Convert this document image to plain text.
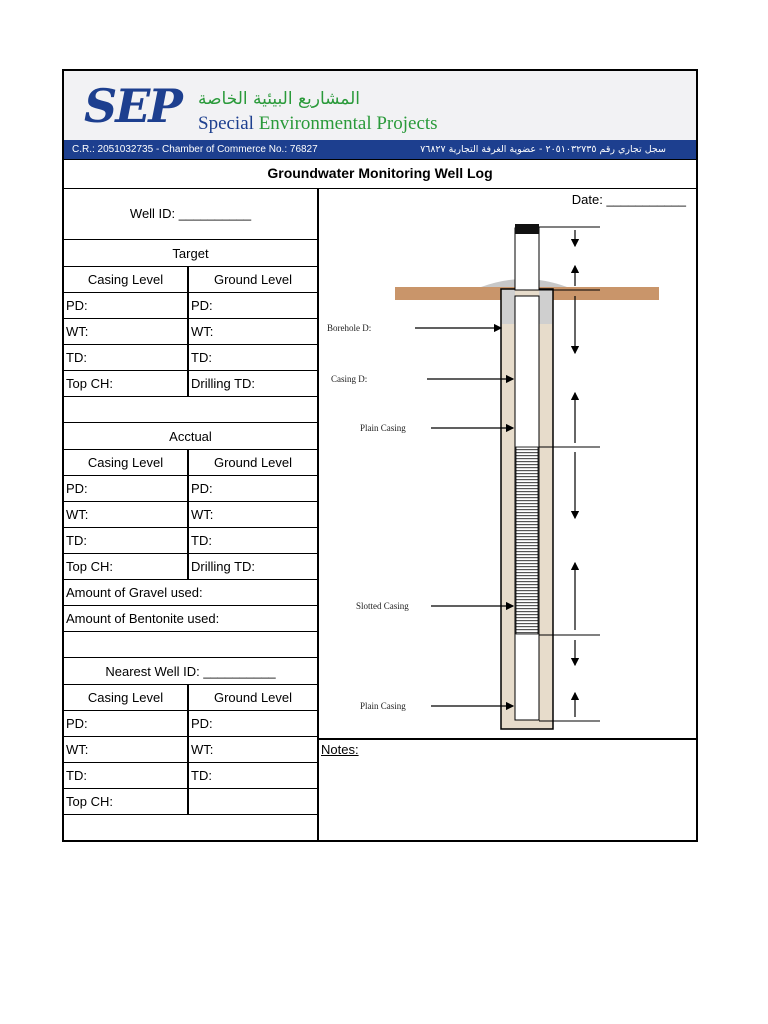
SEP المشاريع البيئية الخاصة
Special Environmental Projects
C.R.: 2051032735 - Chamber of Commerce No.: 76827	سجل تجاري رقم ٢٠٥١٠٣٢٧٣٥ - عضوية الغرفة التجارية ٧٦٨٢٧
Groundwater Monitoring Well Log
Well ID: __________
Target
Casing Level	Ground Level
PD:	PD:
WT:	WT:
TD:	TD:
Top CH:	Drilling TD:
Acctual
Casing Level	Ground Level
PD:	PD:
WT:	WT:
TD:	TD:
Top CH:	Drilling TD:
Amount of Gravel used:
Amount of Bentonite used:
Nearest Well ID: __________
Casing Level	Ground Level
PD:	PD:
WT:	WT:
TD:	TD:
Top CH:
Date: ___________
Borehole D:
Casing D:
Plain Casing
Slotted Casing
Plain Casing
Notes:
